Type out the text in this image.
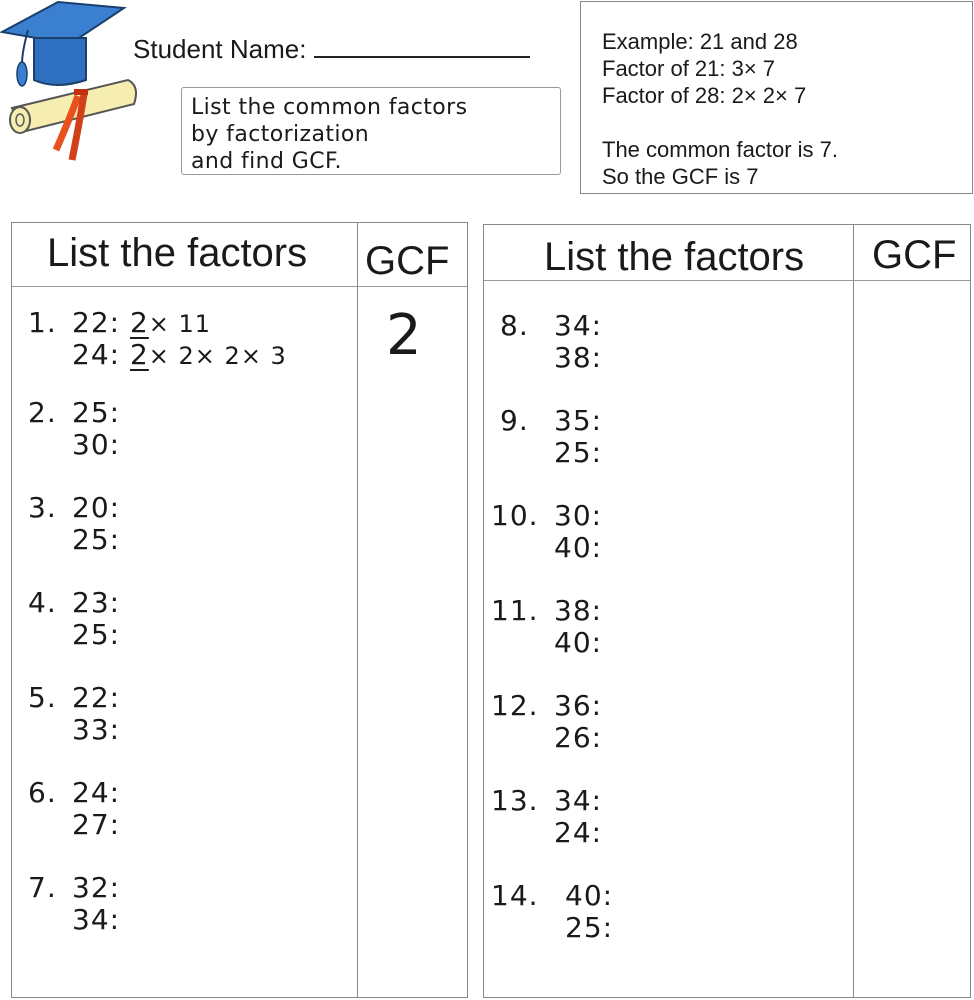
Student Name:
List the common factors
by factorization
and find GCF.
Example: 21 and 28
Factor of 21: 3× 7
Factor of 28: 2× 2× 7
The common factor is 7.
So the GCF is 7
List the factors GCF
1. 22: 2× 11
24: 2× 2× 2× 3 2
2. 25:
30:
3. 20:
25:
4. 23:
25:
5. 22:
33:
6. 24:
27:
7. 32:
34:
List the factors GCF
8. 34:
38:
9. 35:
25:
10. 30:
40:
11. 38:
40:
12. 36:
26:
13. 34:
24:
14. 40:
25:
